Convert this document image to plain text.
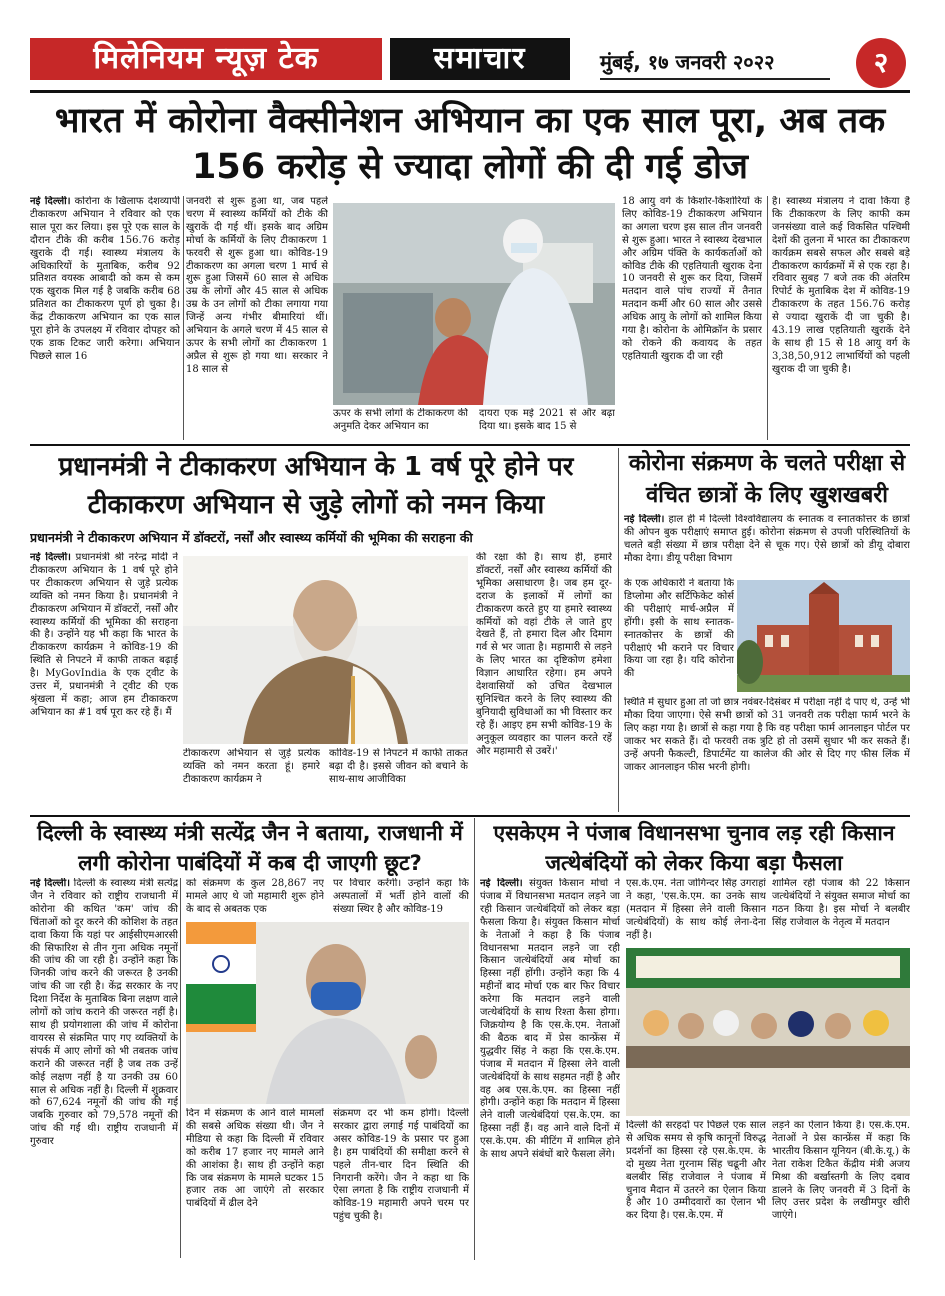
मिलेनियम न्यूज़ टेक	समाचार	मुंबई, १७ जनवरी २०२२	२
भारत में कोरोना वैक्सीनेशन अभियान का एक साल पूरा, अब तक 156 करोड़ से ज्यादा लोगों की दी गई डोज
नई दिल्ली। कोरोना के खिलाफ देशव्यापी टीकाकरण अभियान ने रविवार को एक साल पूरा कर लिया। इस पूरे एक साल के दौरान टीके की करीब 156.76 करोड़ खुराके दी गई। स्वास्थ्य मंत्रालय के अधिकारियों के मुताबिक, करीब 92 प्रतिशत वयस्क आबादी को कम से कम एक खुराक मिल गई है जबकि करीब 68 प्रतिशत का टीकाकरण पूर्ण हो चुका है। केंद्र टीकाकरण अभियान का एक साल पूरा होने के उपलक्ष्य में रविवार दोपहर को एक डाक टिकट जारी करेगा। अभियान पिछले साल 16
जनवरी से शुरू हुआ था, जब पहले चरण में स्वास्थ्य कर्मियों को टीके की खुराकें दी गई थीं। इसके बाद अग्रिम मोर्चा के कर्मियों के लिए टीकाकरण 1 फरवरी से शुरू हुआ था। कोविड-19 टीकाकरण का अगला चरण 1 मार्च से शुरू हुआ जिसमें 60 साल से अधिक उम्र के लोगों और 45 साल से अधिक उम्र के उन लोगों को टीका लगाया गया जिन्हें अन्य गंभीर बीमारियां थीं। अभियान के अगले चरण में 45 साल से ऊपर के सभी लोगों का टीकाकरण 1 अप्रैल से शुरू हो गया था। सरकार ने 18 साल से
ऊपर के सभी लोगों के टीकाकरण की अनुमति देकर अभियान का
दायरा एक मई 2021 से और बढ़ा दिया था। इसके बाद 15 से
18 आयु वर्ग के किशोर-किशोरियों के लिए कोविड-19 टीकाकरण अभियान का अगला चरण इस साल तीन जनवरी से शुरू हुआ। भारत ने स्वास्थ्य देखभाल और अग्रिम पंक्ति के कार्यकर्ताओं को कोविड टीके की एहतियाती खुराक देना 10 जनवरी से शुरू कर दिया, जिसमें मतदान वाले पांच राज्यों में तैनात मतदान कर्मी और 60 साल और उससे अधिक आयु के लोगों को शामिल किया गया है। कोरोना के ओमिक्रॉन के प्रसार को रोकने की कवायद के तहत एहतियाती खुराक दी जा रही
है। स्वास्थ्य मंत्रालय ने दावा किया है कि टीकाकरण के लिए काफी कम जनसंख्या वाले कई विकसित पश्चिमी देशों की तुलना में भारत का टीकाकरण कार्यक्रम सबसे सफल और सबसे बड़े टीकाकरण कार्यक्रमों में से एक रहा है। रविवार सुबह 7 बजे तक की अंतरिम रिपोर्ट के मुताबिक देश में कोविड-19 टीकाकरण के तहत 156.76 करोड़ से ज्यादा खुराकें दी जा चुकी है। 43.19 लाख एहतियाती खुराकें देने के साथ ही 15 से 18 आयु वर्ग के 3,38,50,912 लाभार्थियों को पहली खुराक दी जा चुकी है।
प्रधानमंत्री ने टीकाकरण अभियान के 1 वर्ष पूरे होने पर टीकाकरण अभियान से जुड़े लोगों को नमन किया
प्रधानमंत्री ने टीकाकरण अभियान में डॉक्टरों, नर्सों और स्वास्थ्य कर्मियों की भूमिका की सराहना की
नई दिल्ली। प्रधानमंत्री श्री नरेन्द्र मोदी ने टीकाकरण अभियान के 1 वर्ष पूरे होने पर टीकाकरण अभियान से जुड़े प्रत्येक व्यक्ति को नमन किया है। प्रधानमंत्री ने टीकाकरण अभियान में डॉक्टरों, नर्सों और स्वास्थ्य कर्मियों की भूमिका की सराहना की है। उन्होंने यह भी कहा कि भारत के टीकाकरण कार्यक्रम ने कोविड-19 की स्थिति से निपटने में काफी ताकत बढ़ाई है। MyGovIndia के एक ट्वीट के उत्तर में, प्रधानमंत्री ने ट्वीट की एक श्रृंखला में कहा; आज हम टीकाकरण अभियान का #1 वर्ष पूरा कर रहे हैं। मैं
टीकाकरण अभियान से जुड़े प्रत्येक व्यक्ति को नमन करता हूं। हमारे टीकाकरण कार्यक्रम ने
कोविड-19 से निपटने में काफी ताकत बढ़ा दी है। इससे जीवन को बचाने के साथ-साथ आजीविका
की रक्षा की है। साथ ही, हमारे डॉक्टरों, नर्सों और स्वास्थ्य कर्मियों की भूमिका असाधारण है। जब हम दूर-दराज के इलाकों में लोगों का टीकाकरण करते हुए या हमारे स्वास्थ्य कर्मियों को वहां टीके ले जाते हुए देखते हैं, तो हमारा दिल और दिमाग गर्व से भर जाता है। महामारी से लड़ने के लिए भारत का दृष्टिकोण हमेशा विज्ञान आधारित रहेगा। हम अपने देशवासियों को उचित देखभाल सुनिश्चित करने के लिए स्वास्थ्य की बुनियादी सुविधाओं का भी विस्तार कर रहे हैं। आइए हम सभी कोविड-19 के अनुकूल व्यवहार का पालन करते रहें और महामारी से उबरें।'
कोरोना संक्रमण के चलते परीक्षा से वंचित छात्रों के लिए खुशखबरी
नई दिल्ली। हाल ही में दिल्ली विश्वविद्यालय के स्नातक व स्नातकोत्तर के छात्रों की ओपन बुक परीक्षाएं समाप्त हुई। कोरोना संक्रमण से उपजी परिस्थितियों के चलते बड़ी संख्या में छात्र परीक्षा देने से चूक गए। ऐसे छात्रों को डीयू दोबारा मौका देगा। डीयू परीक्षा विभाग
के एक अधिकारी ने बताया कि डिप्लोमा और सर्टिफिकेट कोर्स की परीक्षाएं मार्च-अप्रैल में होंगी। इसी के साथ स्नातक-स्नातकोत्तर के छात्रों की परीक्षाएं भी कराने पर विचार किया जा रहा है। यदि कोरोना की
स्थिति में सुधार हुआ तो जो छात्र नवंबर-दिसंबर में परीक्षा नहीं दे पाए थे, उन्हें भी मौका दिया जाएगा। ऐसे सभी छात्रों को 31 जनवरी तक परीक्षा फार्म भरने के लिए कहा गया है। छात्रों से कहा गया है कि वह परीक्षा फार्म आनलाइन पोर्टल पर जाकर भर सकते हैं। दो फरवरी तक त्रुटि हो तो उसमें सुधार भी कर सकते हैं। उन्हें अपनी फैकल्टी, डिपार्टमेंट या कालेज की ओर से दिए गए फीस लिंक में जाकर आनलाइन फीस भरनी होगी।
दिल्ली के स्वास्थ्य मंत्री सत्येंद्र जैन ने बताया, राजधानी में लगी कोरोना पाबंदियों में कब दी जाएगी छूट?
नई दिल्ली। दिल्ली के स्वास्थ्य मंत्री सत्येंद्र जैन ने रविवार को राष्ट्रीय राजधानी में कोरोना की कथित 'कम' जांच की चिंताओं को दूर करने की कोशिश के तहत दावा किया कि यहां पर आईसीएमआरसी की सिफारिश से तीन गुना अधिक नमूनों की जांच की जा रही है। उन्होंने कहा कि जिनकी जांच करने की जरूरत है उनकी जांच की जा रही है। केंद्र सरकार के नए दिशा निर्देश के मुताबिक बिना लक्षण वाले लोगों को जांच कराने की जरूरत नहीं है। साथ ही प्रयोगशाला की जांच में कोरोना वायरस से संक्रमित पाए गए व्यक्तियों के संपर्क में आए लोगों को भी तबतक जांच कराने की जरूरत नहीं है जब तक उन्हें कोई लक्षण नहीं है या उनकी उम्र 60 साल से अधिक नहीं है। दिल्ली में शुक्रवार को 67,624 नमूनों की जांच की गई जबकि गुरुवार को 79,578 नमूनों की जांच की गई थी। राष्ट्रीय राजधानी में गुरुवार
को संक्रमण के कुल 28,867 नए मामले आए थे जो महामारी शुरू होने के बाद से अबतक एक
पर विचार करेंगी। उन्होंने कहा कि अस्पतालों में भर्ती होने वालों की संख्या स्थिर है और कोविड-19
दिन में संक्रमण के आने वाले मामलों की सबसे अधिक संख्या थी। जैन ने मीडिया से कहा कि दिल्ली में रविवार को करीब 17 हजार नए मामले आने की आशंका है। साथ ही उन्होंने कहा कि जब संक्रमण के मामले घटकर 15 हजार तक आ जाएंगे तो सरकार पाबंदियों में ढील देने
संक्रमण दर भी कम होगी। दिल्ली सरकार द्वारा लगाई गई पाबंदियों का असर कोविड-19 के प्रसार पर हुआ है। हम पाबंदियों की समीक्षा करने से पहले तीन-चार दिन स्थिति की निगरानी करेंगे। जैन ने कहा था कि ऐसा लगता है कि राष्ट्रीय राजधानी में कोविड-19 महामारी अपने चरम पर पहुंच चुकी है।
एसकेएम ने पंजाब विधानसभा चुनाव लड़ रही किसान जत्थेबंदियों को लेकर किया बड़ा फैसला
नई दिल्ली। संयुक्त किसान मोर्चा ने पंजाब में विधानसभा मतदान लड़ने जा रही किसान जत्थेबंदियों को लेकर बड़ा फैसला किया है। संयुक्त किसान मोर्चा के नेताओं ने कहा है कि पंजाब विधानसभा मतदान लड़ने जा रही किसान जत्थेबंदियों अब मोर्चा का हिस्सा नहीं होंगी। उन्होंने कहा कि 4 महीनों बाद मोर्चा एक बार फिर विचार करेगा कि मतदान लड़ने वाली जत्थेबंदियों के साथ रिश्ता कैसा होगा। जिक्रयोग्य है कि एस.के.एम. नेताओं की बैठक बाद में प्रेस कान्फ्रेंस में युद्धवीर सिंह ने कहा कि एस.के.एम. पंजाब में मतदान में हिस्सा लेने वाली जत्थेबंदियों के साथ सहमत नहीं है और वह अब एस.के.एम. का हिस्सा नहीं होगी। उन्होंने कहा कि मतदान में हिस्सा लेने वाली जत्थेबंदियां एस.के.एम. का हिस्सा नहीं हैं। वह आने वाले दिनों में एस.के.एम. की मीटिंग में शामिल होने के साथ अपने संबंधों बारे फैसला लेंगे।
एस.के.एम. नेता जोगिन्दर सिंह उगराहां ने कहा, 'एस.के.एम. का उनके साथ (मतदान में हिस्सा लेने वाली किसान जत्थेबंदियों) के साथ कोई लेना-देना नहीं है।
शामिल रही पंजाब की 22 किसान जत्थेबंदियों ने संयुक्त समाज मोर्चा का गठन किया है। इस मोर्चा ने बलबीर सिंह राजेवाल के नेतृत्व में मतदान
दिल्ली की सरहदों पर पिछले एक साल से अधिक समय से कृषि कानूनों विरुद्ध प्रदर्शनों का हिस्सा रहे एस.के.एम. के दो मुख्य नेता गुरनाम सिंह चढूनी और बलबीर सिंह राजेवाल ने पंजाब में चुनाव मैदान में उतरने का ऐलान किया है और 10 उम्मीदवारों का ऐलान भी कर दिया है। एस.के.एम. में
लड़ने का ऐलान किया है। एस.के.एम. नेताओं ने प्रेस कान्फ्रेंस में कहा कि भारतीय किसान यूनियन (बी.के.यू.) के नेता राकेश टिकैत केंद्रीय मंत्री अजय मिश्रा की बर्खास्तगी के लिए दबाव डालने के लिए जनवरी में 3 दिनों के लिए उत्तर प्रदेश के लखीमपुर खीरी जाएंगे।
